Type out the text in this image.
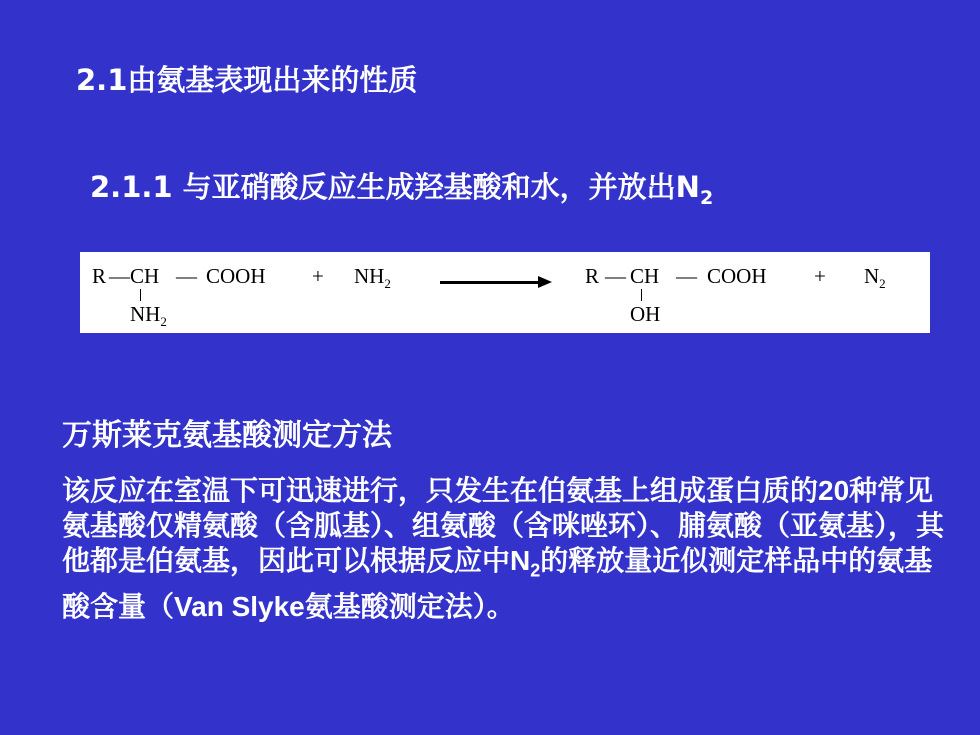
2.1由氨基表现出来的性质
2.1.1 与亚硝酸反应生成羟基酸和水，并放出$N_2$
R — CH — COOH
$NH_2$
+ $NH_2$	R — CH — COOH
OH
+ $N_2$
万斯莱克氨基酸测定方法
该反应在室温下可迅速进行，只发生在伯氨基上组成蛋白质的20种常见氨基酸仅精氨酸（含胍基）、组氨酸（含咪唑环）、脯氨酸（亚氨基），其他都是伯氨基，因此可以根据反应中$N_2$的释放量近似测定样品中的氨基酸含量（Van Slyke氨基酸测定法）。
